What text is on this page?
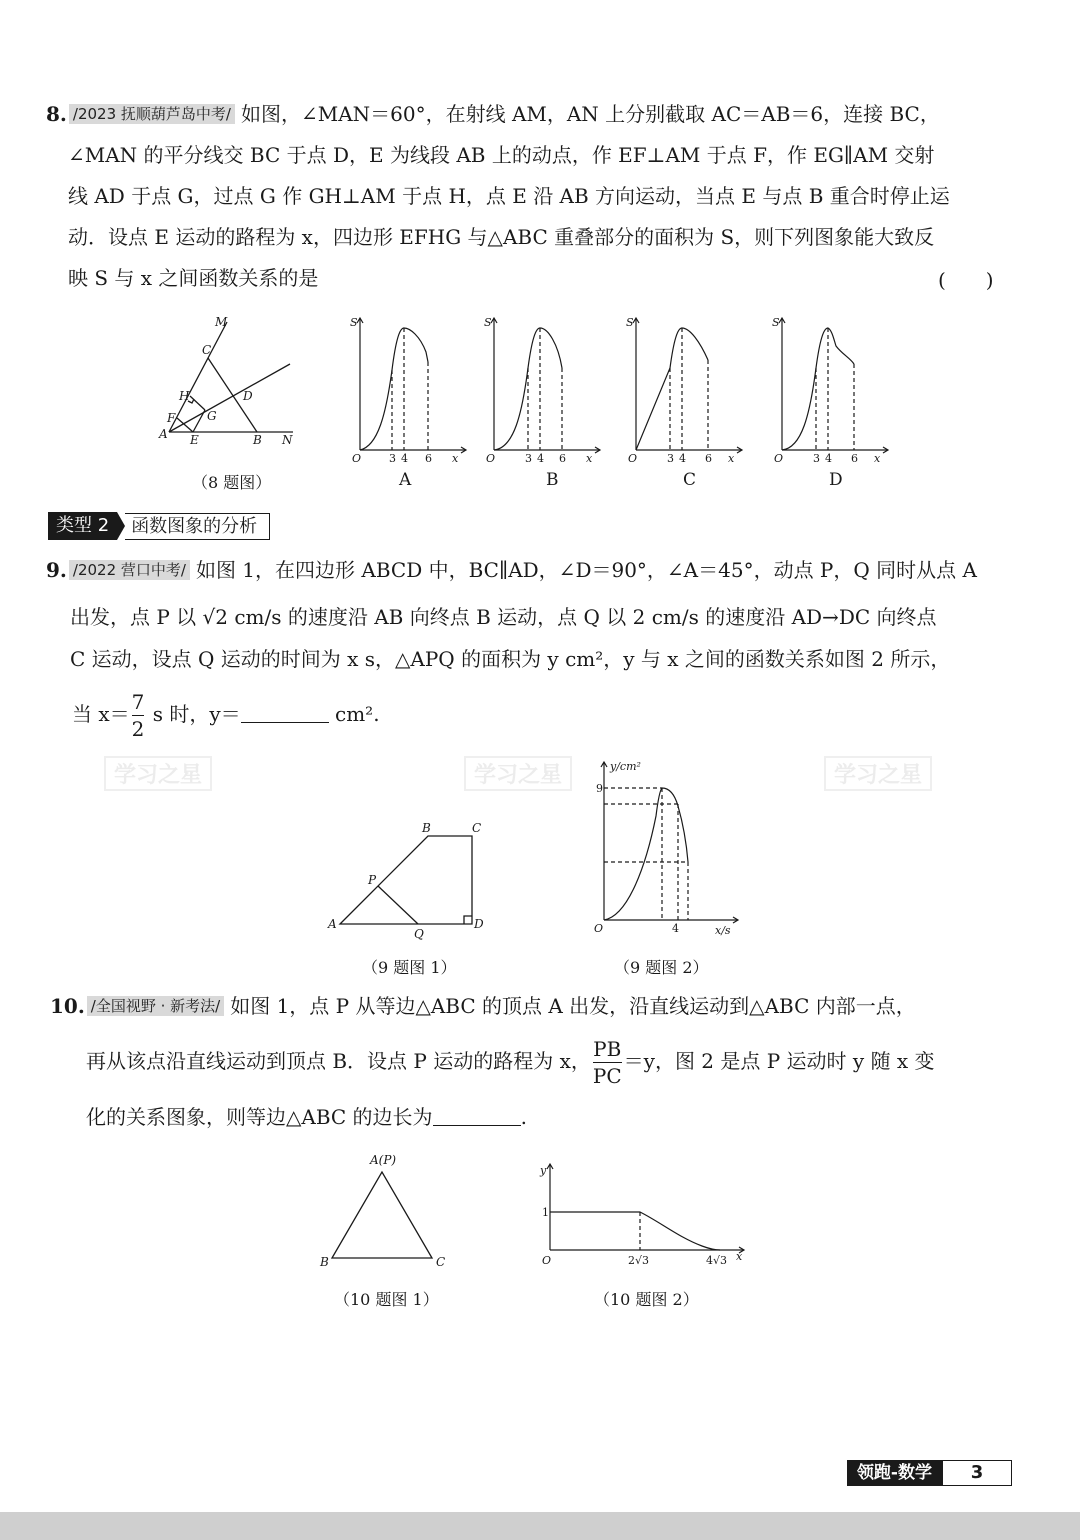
8. /2023 抚顺葫芦岛中考/ 如图，∠MAN＝60°，在射线 AM，AN 上分别截取 AC＝AB＝6，连接 BC，
∠MAN 的平分线交 BC 于点 D，E 为线段 AB 上的动点，作 EF⊥AM 于点 F，作 EG∥AM 交射
线 AD 于点 G，过点 G 作 GH⊥AM 于点 H，点 E 沿 AB 方向运动，当点 E 与点 B 重合时停止运
动．设点 E 运动的路程为 x，四边形 EFHG 与△ABC 重叠部分的面积为 S，则下列图象能大致反
映 S 与 x 之间函数关系的是	(　　)
M
C
H	D
F	G
A E	B N
（8 题图）
S
O	3 4 6 x
A
S
O	3 4 6 x
B
S
O	3 4 6 x
C
S
O	3 4 6 x
D
类型 2	函数图象的分析
9. /2022 营口中考/ 如图 1，在四边形 ABCD 中，BC∥AD，∠D＝90°，∠A＝45°，动点 P，Q 同时从点 A
出发，点 P 以 √2 cm/s 的速度沿 AB 向终点 B 运动，点 Q 以 2 cm/s 的速度沿 AD→DC 向终点
C 运动，设点 Q 运动的时间为 x s，△APQ 的面积为 y cm²，y 与 x 之间的函数关系如图 2 所示，
当 $x= \frac{7}{2}$ s 时，y＝	cm².
学习之星	学习之星	学习之星
B	C
P
A
Q
D
（9 题图 1）
y/cm²
9
O	4	x/s
（9 题图 2）
10. /全国视野 · 新考法/ 如图 1，点 P 从等边△ABC 的顶点 A 出发，沿直线运动到△ABC 内部一点，
再从该点沿直线运动到顶点 B．设点 P 运动的路程为 x， $\frac{PB}{PC} =y$，图 2 是点 P 运动时 y 随 x 变
化的关系图象，则等边△ABC 的边长为	.
A(P)
B	C
（10 题图 1）
y
1
O	2√3	4√3 x
（10 题图 2）
领跑-数学	3
